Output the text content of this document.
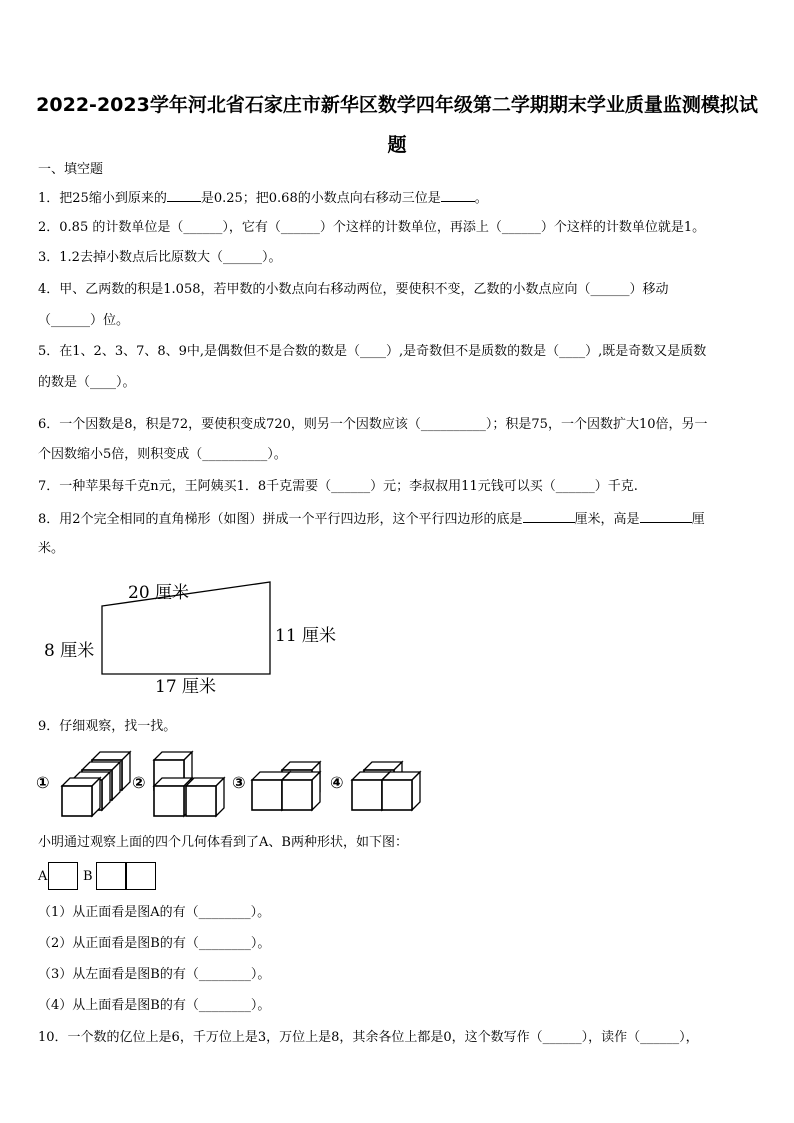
2022-2023学年河北省石家庄市新华区数学四年级第二学期期末学业质量监测模拟试
题
一、填空题
1．把25缩小到原来的	是0.25；把0.68的小数点向右移动三位是	。
2．0.85 的计数单位是（______），它有（______）个这样的计数单位，再添上（______）个这样的计数单位就是1。
3．1.2去掉小数点后比原数大（______）。
4．甲、乙两数的积是1.058，若甲数的小数点向右移动两位，要使积不变，乙数的小数点应向（______）移动
（______）位。
5．在1、2、3、7、8、9中,是偶数但不是合数的数是（____）,是奇数但不是质数的数是（____）,既是奇数又是质数
的数是（____）。
6．一个因数是8，积是72，要使积变成720，则另一个因数应该（__________）；积是75，一个因数扩大10倍，另一
个因数缩小5倍，则积变成（__________）。
7．一种苹果每千克n元，王阿姨买1．8千克需要（______）元；李叔叔用11元钱可以买（______）千克.
8．用2个完全相同的直角梯形（如图）拼成一个平行四边形，这个平行四边形的底是	厘米，高是	厘
米。
20 厘米
8 厘米
11 厘米
17 厘米
9．仔细观察，找一找。
①	②	③	④
小明通过观察上面的四个几何体看到了A、B两种形状，如下图：
A	B
（1）从正面看是图A的有（________）。
（2）从正面看是图B的有（________）。
（3）从左面看是图B的有（________）。
（4）从上面看是图B的有（________）。
10．一个数的亿位上是6，千万位上是3，万位上是8，其余各位上都是0，这个数写作（______），读作（______），
